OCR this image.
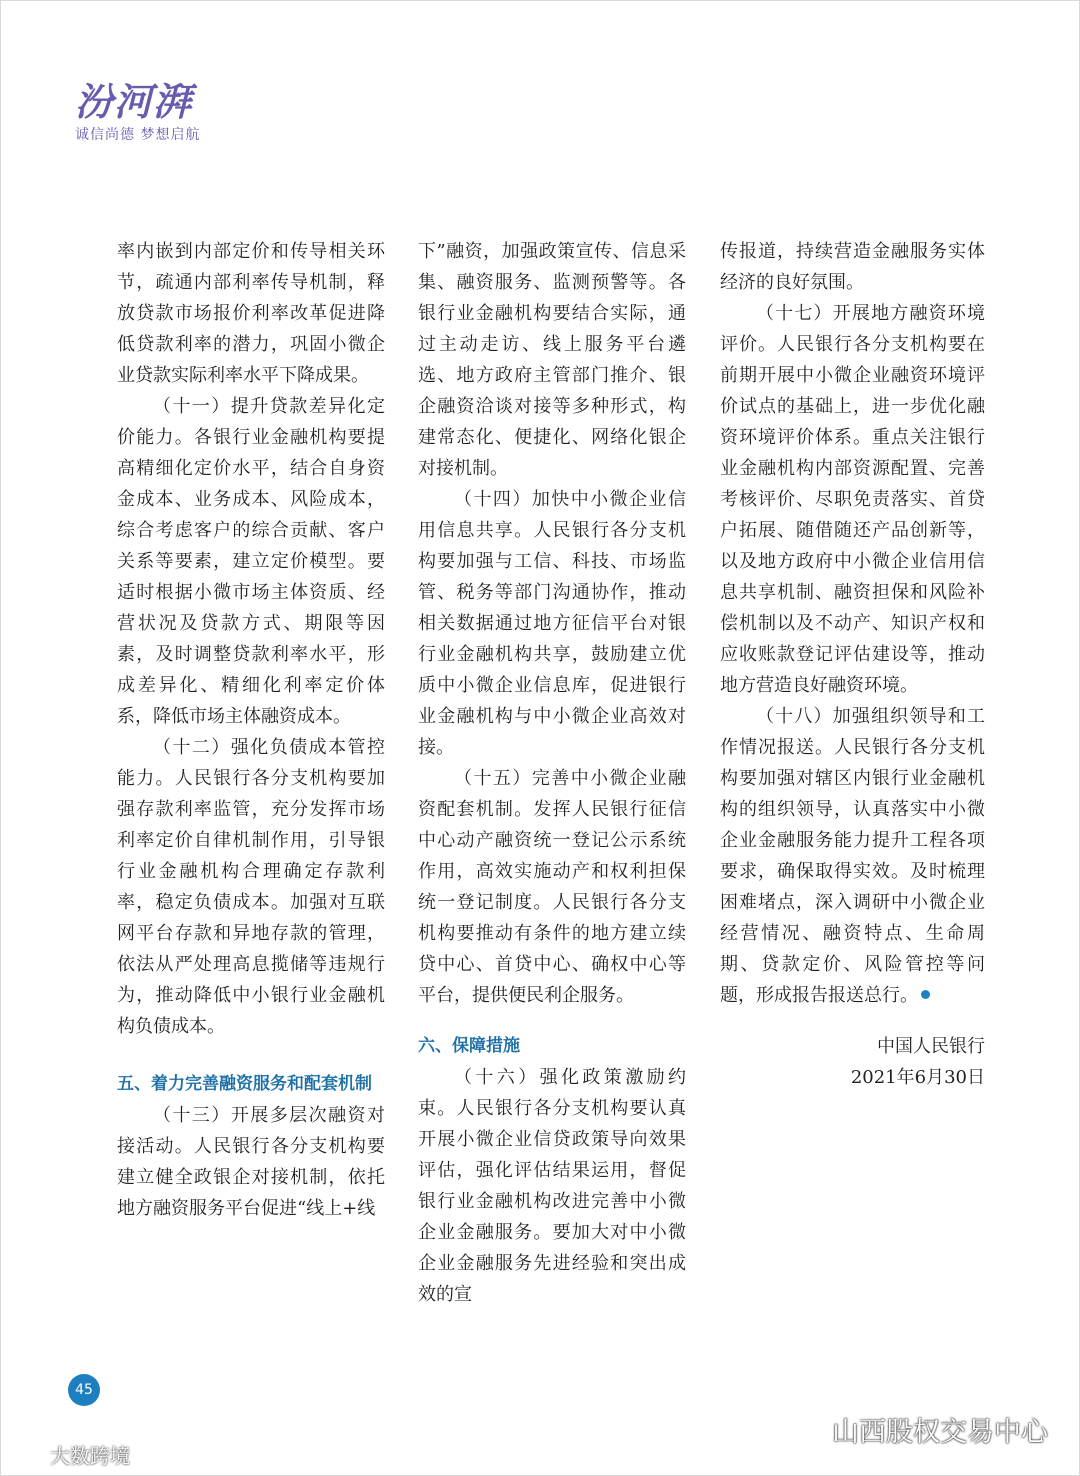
汾河湃
诚信尚德 梦想启航

率内嵌到内部定价和传导相关环节，疏通内部利率传导机制，释放贷款市场报价利率改革促进降低贷款利率的潜力，巩固小微企业贷款实际利率水平下降成果。

（十一）提升贷款差异化定价能力。各银行业金融机构要提高精细化定价水平，结合自身资金成本、业务成本、风险成本，综合考虑客户的综合贡献、客户关系等要素，建立定价模型。要适时根据小微市场主体资质、经营状况及贷款方式、期限等因素，及时调整贷款利率水平，形成差异化、精细化利率定价体系，降低市场主体融资成本。

（十二）强化负债成本管控能力。人民银行各分支机构要加强存款利率监管，充分发挥市场利率定价自律机制作用，引导银行业金融机构合理确定存款利率，稳定负债成本。加强对互联网平台存款和异地存款的管理，依法从严处理高息揽储等违规行为，推动降低中小银行业金融机构负债成本。

五、着力完善融资服务和配套机制

（十三）开展多层次融资对接活动。人民银行各分支机构要建立健全政银企对接机制，依托地方融资服务平台促进“线上+线

下”融资，加强政策宣传、信息采集、融资服务、监测预警等。各银行业金融机构要结合实际，通过主动走访、线上服务平台遴选、地方政府主管部门推介、银企融资洽谈对接等多种形式，构建常态化、便捷化、网络化银企对接机制。

（十四）加快中小微企业信用信息共享。人民银行各分支机构要加强与工信、科技、市场监管、税务等部门沟通协作，推动相关数据通过地方征信平台对银行业金融机构共享，鼓励建立优质中小微企业信息库，促进银行业金融机构与中小微企业高效对接。

（十五）完善中小微企业融资配套机制。发挥人民银行征信中心动产融资统一登记公示系统作用，高效实施动产和权利担保统一登记制度。人民银行各分支机构要推动有条件的地方建立续贷中心、首贷中心、确权中心等平台，提供便民利企服务。

六、保障措施

（十六）强化政策激励约束。人民银行各分支机构要认真开展小微企业信贷政策导向效果评估，强化评估结果运用，督促银行业金融机构改进完善中小微企业金融服务。要加大对中小微企业金融服务先进经验和突出成效的宣

传报道，持续营造金融服务实体经济的良好氛围。

（十七）开展地方融资环境评价。人民银行各分支机构要在前期开展中小微企业融资环境评价试点的基础上，进一步优化融资环境评价体系。重点关注银行业金融机构内部资源配置、完善考核评价、尽职免责落实、首贷户拓展、随借随还产品创新等，以及地方政府中小微企业信用信息共享机制、融资担保和风险补偿机制以及不动产、知识产权和应收账款登记评估建设等，推动地方营造良好融资环境。

（十八）加强组织领导和工作情况报送。人民银行各分支机构要加强对辖区内银行业金融机构的组织领导，认真落实中小微企业金融服务能力提升工程各项要求，确保取得实效。及时梳理困难堵点，深入调研中小微企业经营情况、融资特点、生命周期、贷款定价、风险管控等问题，形成报告报送总行。

中国人民银行
2021年6月30日
45
大数跨境
山西股权交易中心
